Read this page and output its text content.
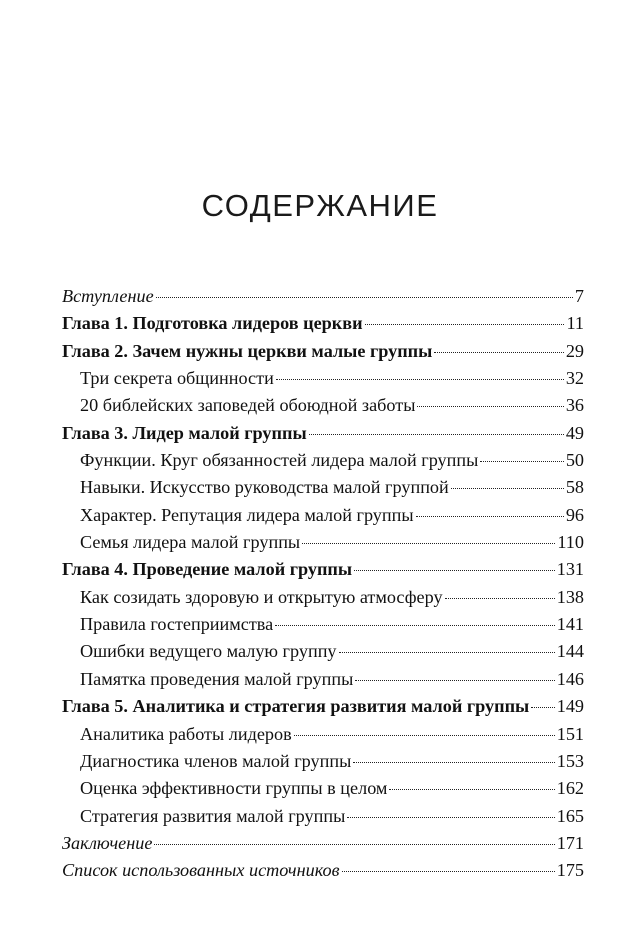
СОДЕРЖАНИЕ
Вступление	7
Глава 1. Подготовка лидеров церкви	11
Глава 2. Зачем нужны церкви малые группы	29
Три секрета общинности	32
20 библейских заповедей обоюдной заботы	36
Глава 3. Лидер малой группы	49
Функции. Круг обязанностей лидера малой группы	50
Навыки. Искусство руководства малой группой	58
Характер. Репутация лидера малой группы	96
Семья лидера малой группы	110
Глава 4. Проведение малой группы	131
Как созидать здоровую и открытую атмосферу	138
Правила гостеприимства	141
Ошибки ведущего малую группу	144
Памятка проведения малой группы	146
Глава 5. Аналитика и стратегия развития малой группы 149
Аналитика работы лидеров	151
Диагностика членов малой группы	153
Оценка эффективности группы в целом	162
Стратегия развития малой группы	165
Заключение	171
Список использованных источников	175
